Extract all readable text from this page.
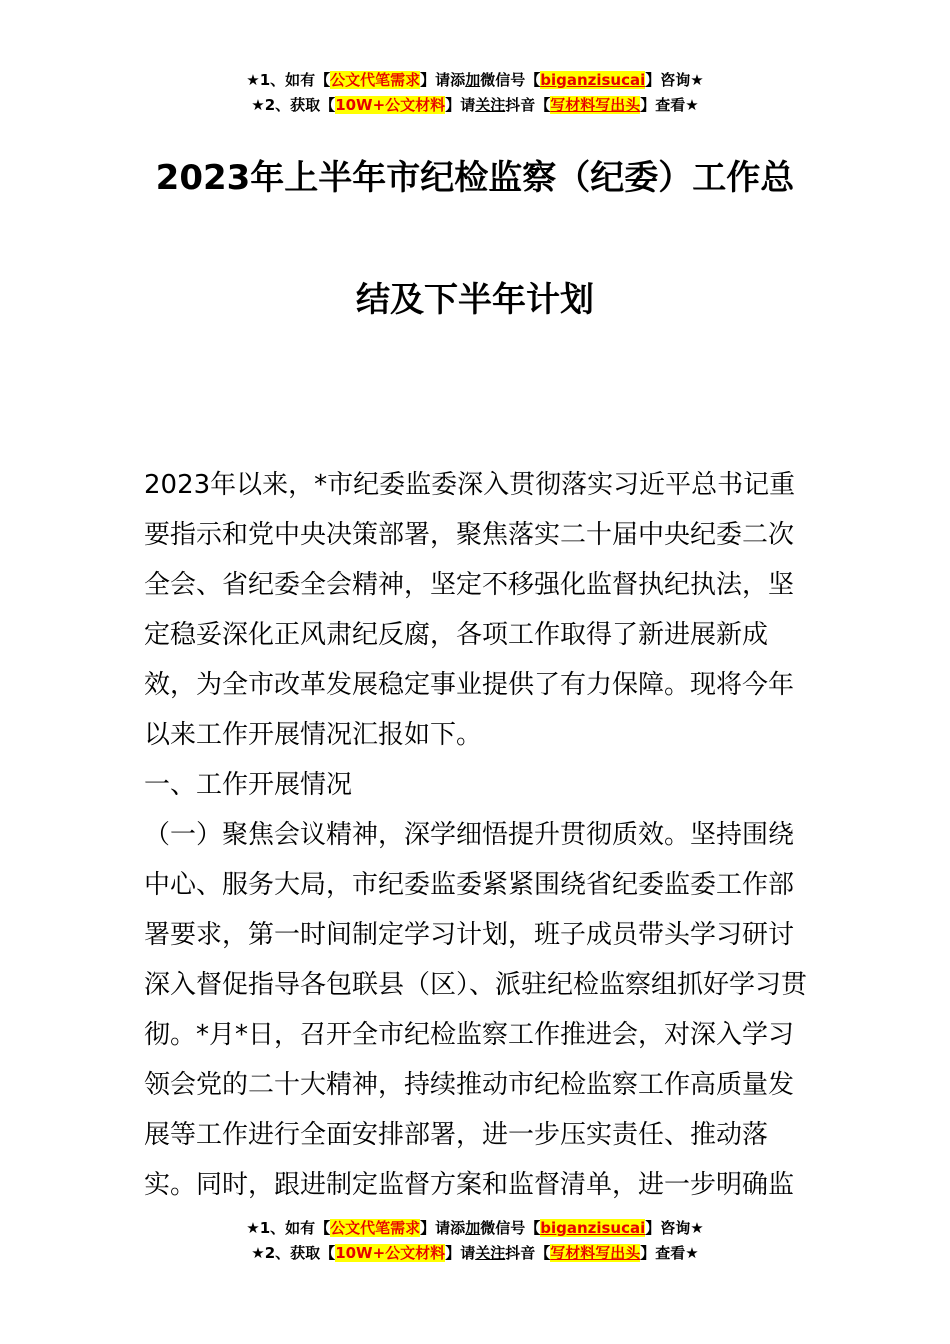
★1、如有【公文代笔需求】请添加微信号【biganzisucai】咨询★
★2、获取【10W+公文材料】请关注抖音【写材料写出头】查看★
2023年上半年市纪检监察（纪委）工作总
结及下半年计划

2023年以来，*市纪委监委深入贯彻落实习近平总书记重要指示和党中央决策部署，聚焦落实二十届中央纪委二次全会、省纪委全会精神，坚定不移强化监督执纪执法，坚定稳妥深化正风肃纪反腐，各项工作取得了新进展新成效，为全市改革发展稳定事业提供了有力保障。现将今年以来工作开展情况汇报如下。

一、工作开展情况

（一）聚焦会议精神，深学细悟提升贯彻质效。坚持围绕中心、服务大局，市纪委监委紧紧围绕省纪委监委工作部署要求，第一时间制定学习计划，班子成员带头学习研讨深入督促指导各包联县（区）、派驻纪检监察组抓好学习贯彻。*月*日，召开全市纪检监察工作推进会，对深入学习领会党的二十大精神，持续推动市纪检监察工作高质量发展等工作进行全面安排部署，进一步压实责任、推动落实。同时，跟进制定监督方案和监督清单，进一步明确监

★1、如有【公文代笔需求】请添加微信号【biganzisucai】咨询★
★2、获取【10W+公文材料】请关注抖音【写材料写出头】查看★
